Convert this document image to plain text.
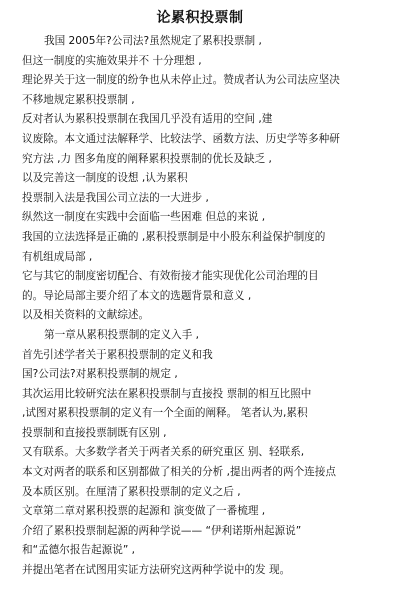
论累积投票制
我国 2005年?公司法?虽然规定了累积投票制 ,
但这一制度的实施效果并不 十分理想 ,
理论界关于这一制度的纷争也从未停止过。赞成者认为公司法应坚决
不移地规定累积投票制 ,
反对者认为累积投票制在我国几乎没有适用的空间 ,建
议废除。本文通过法解释学、比较法学、函数方法、历史学等多种研
究方法 ,力 图多角度的阐释累积投票制的优长及缺乏 ,
以及完善这一制度的设想 ,认为累积
投票制入法是我国公司立法的一大进步 ,
纵然这一制度在实践中会面临一些困难 但总的来说 ,
我国的立法选择是正确的 ,累积投票制是中小股东利益保护制度的
有机组成局部 ,
它与其它的制度密切配合、有效衔接才能实现优化公司治理的目
的。导论局部主要介绍了本文的选题背景和意义 ,
以及相关资料的文献综述。
第一章从累积投票制的定义入手 ,
首先引述学者关于累积投票制的定义和我
国?公司法?对累积投票制的规定 ,
其次运用比较研究法在累积投票制与直接投 票制的相互比照中
,试图对累积投票制的定义有一个全面的阐释。 笔者认为,累积
投票制和直接投票制既有区别 ,
又有联系。大多数学者关于两者关系的研究重区 别、轻联系,
本文对两者的联系和区别都做了相关的分析 ,提出两者的两个连接点
及本质区别。在厘清了累积投票制的定义之后 ,
文章第二章对累积投票的起源和 演变做了一番梳理 ,
介绍了累积投票制起源的两种学说—— “伊利诺斯州起源说”
和“孟德尔报告起源说” ,
并提出笔者在试图用实证方法研究这两种学说中的发 现。
